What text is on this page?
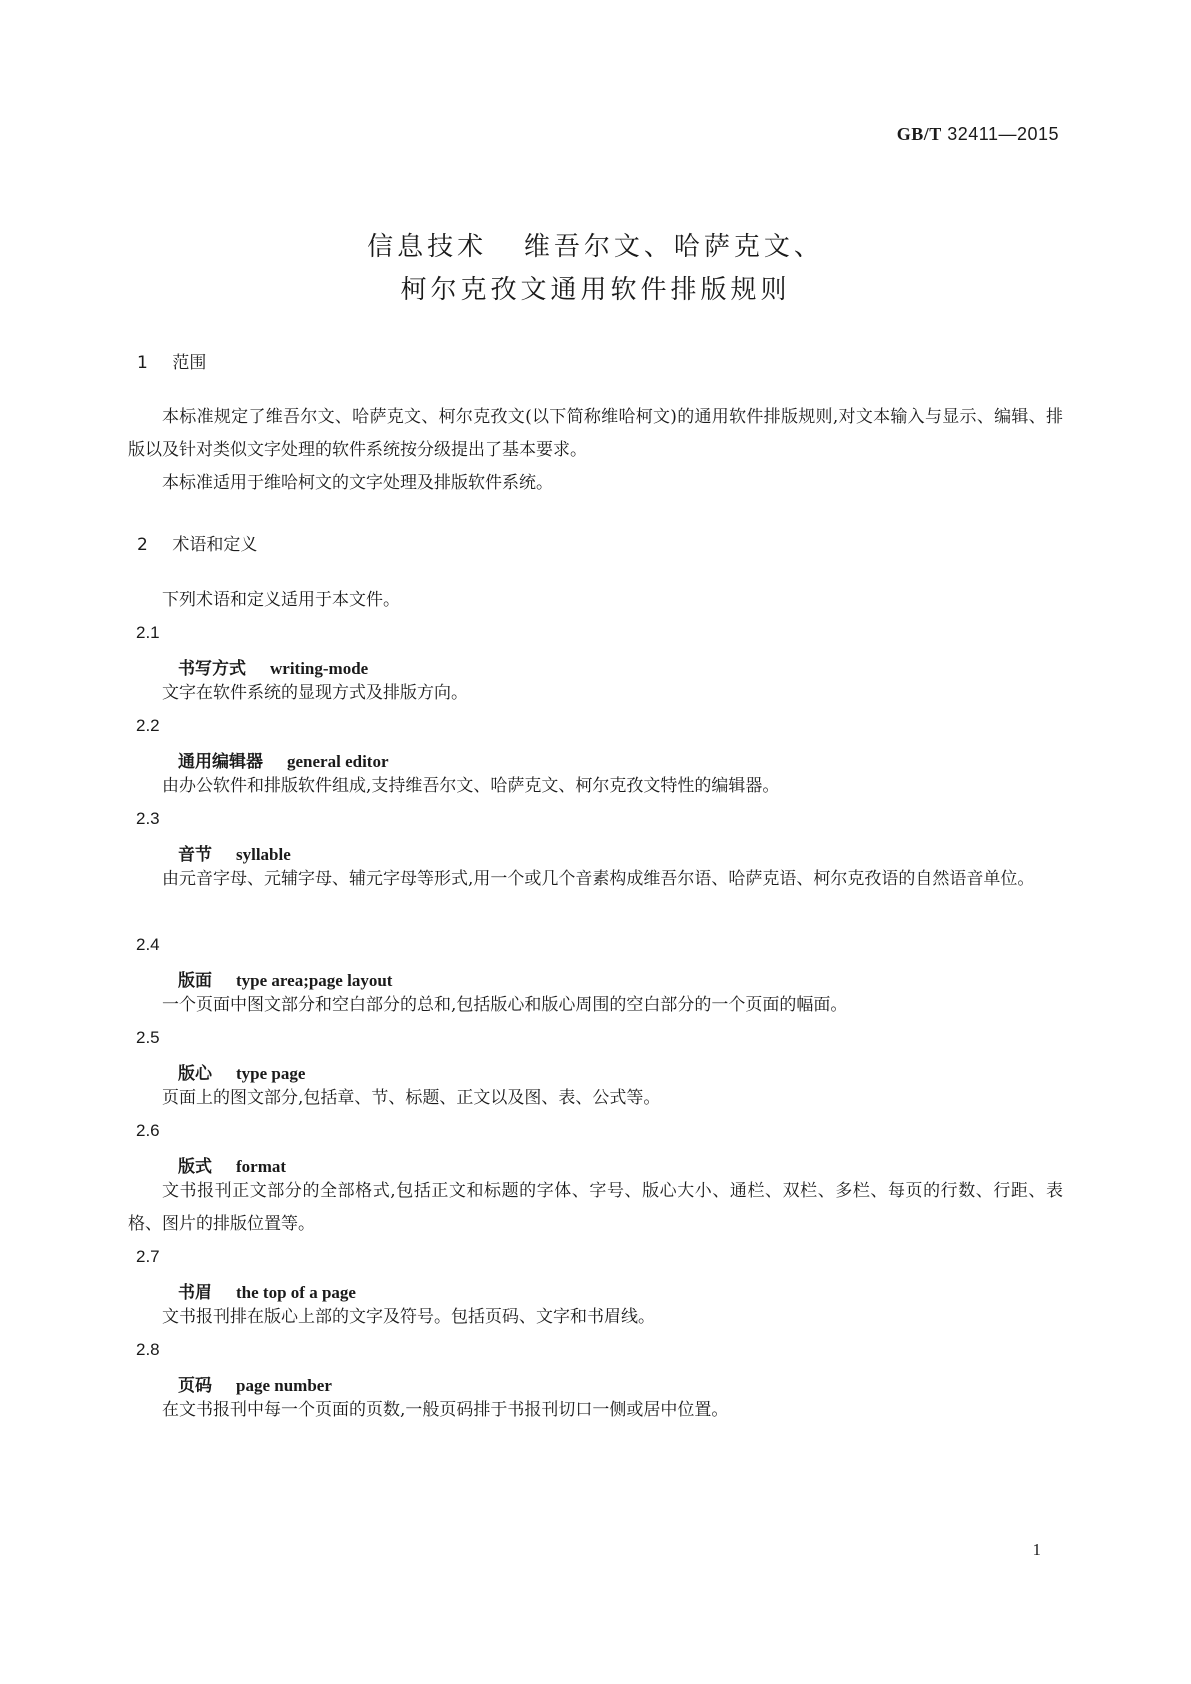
GB/T 32411—2015
信息技术   维吾尔文、哈萨克文、
柯尔克孜文通用软件排版规则
1 范围
本标准规定了维吾尔文、哈萨克文、柯尔克孜文(以下简称维哈柯文)的通用软件排版规则,对文本输入与显示、编辑、排版以及针对类似文字处理的软件系统按分级提出了基本要求。
本标准适用于维哈柯文的文字处理及排版软件系统。
2 术语和定义
下列术语和定义适用于本文件。
2.1
书写方式 writing-mode
文字在软件系统的显现方式及排版方向。
2.2
通用编辑器 general editor
由办公软件和排版软件组成,支持维吾尔文、哈萨克文、柯尔克孜文特性的编辑器。
2.3
音节 syllable
由元音字母、元辅字母、辅元字母等形式,用一个或几个音素构成维吾尔语、哈萨克语、柯尔克孜语的自然语音单位。
2.4
版面 type area;page layout
一个页面中图文部分和空白部分的总和,包括版心和版心周围的空白部分的一个页面的幅面。
2.5
版心 type page
页面上的图文部分,包括章、节、标题、正文以及图、表、公式等。
2.6
版式 format
文书报刊正文部分的全部格式,包括正文和标题的字体、字号、版心大小、通栏、双栏、多栏、每页的行数、行距、表格、图片的排版位置等。
2.7
书眉 the top of a page
文书报刊排在版心上部的文字及符号。包括页码、文字和书眉线。
2.8
页码 page number
在文书报刊中每一个页面的页数,一般页码排于书报刊切口一侧或居中位置。
1
